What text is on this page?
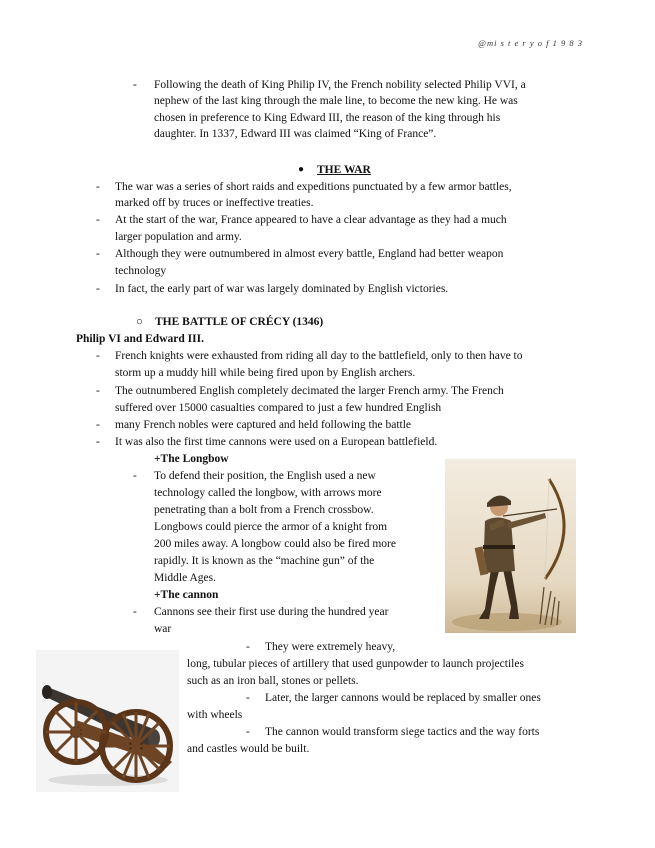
@mi s t e r y o f 1 9 8 3
- Following the death of King Philip IV, the French nobility selected Philip VVI, a
nephew of the last king through the male line, to become the new king. He was
chosen in preference to King Edward III, the reason of the king through his
daughter. In 1337, Edward III was claimed “King of France”.
● THE WAR
- The war was a series of short raids and expeditions punctuated by a few armor battles,
marked off by truces or ineffective treaties.
- At the start of the war, France appeared to have a clear advantage as they had a much
larger population and army.
- Although they were outnumbered in almost every battle, England had better weapon
technology
- In fact, the early part of war was largely dominated by English victories.
○ THE BATTLE OF CRÉCY (1346)
Philip VI and Edward III.
- French knights were exhausted from riding all day to the battlefield, only to then have to
storm up a muddy hill while being fired upon by English archers.
- The outnumbered English completely decimated the larger French army. The French
suffered over 15000 casualties compared to just a few hundred English
- many French nobles were captured and held following the battle
- It was also the first time cannons were used on a European battlefield.
+The Longbow
- To defend their position, the English used a new
technology called the longbow, with arrows more
penetrating than a bolt from a French crossbow.
Longbows could pierce the armor of a knight from
200 miles away. A longbow could also be fired more
rapidly. It is known as the “machine gun” of the
Middle Ages.
+The cannon
- Cannons see their first use during the hundred year
war
- They were extremely heavy,
long, tubular pieces of artillery that used gunpowder to launch projectiles
such as an iron ball, stones or pellets.
- Later, the larger cannons would be replaced by smaller ones
with wheels
- The cannon would transform siege tactics and the way forts
and castles would be built.
